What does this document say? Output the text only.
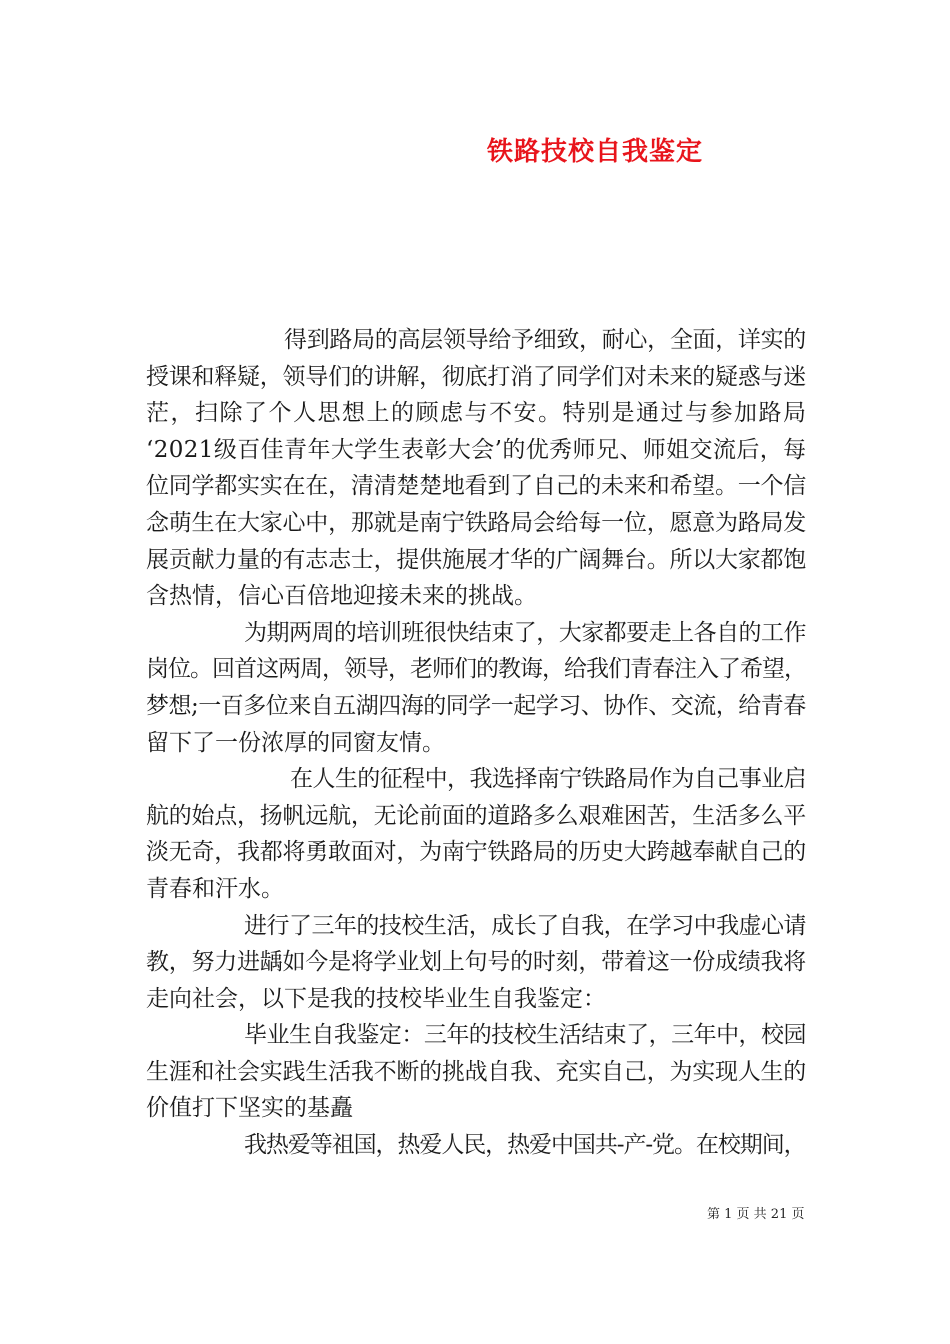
铁路技校自我鉴定

得到路局的高层领导给予细致，耐心，全面，详实的
授课和释疑，领导们的讲解，彻底打消了同学们对未来的疑惑与迷
茫，扫除了个人思想上的顾虑与不安。特别是通过与参加路局
‘2021级百佳青年大学生表彰大会’的优秀师兄、师姐交流后，每
位同学都实实在在，清清楚楚地看到了自己的未来和希望。一个信
念萌生在大家心中，那就是南宁铁路局会给每一位，愿意为路局发
展贡献力量的有志志士，提供施展才华的广阔舞台。所以大家都饱
含热情，信心百倍地迎接未来的挑战。

为期两周的培训班很快结束了，大家都要走上各自的工作
岗位。回首这两周，领导，老师们的教诲，给我们青春注入了希望，
梦想;一百多位来自五湖四海的同学一起学习、协作、交流，给青春
留下了一份浓厚的同窗友情。

在人生的征程中，我选择南宁铁路局作为自己事业启
航的始点，扬帆远航，无论前面的道路多么艰难困苦，生活多么平
淡无奇，我都将勇敢面对，为南宁铁路局的历史大跨越奉献自己的
青春和汗水。

进行了三年的技校生活，成长了自我，在学习中我虚心请
教，努力进龋如今是将学业划上句号的时刻，带着这一份成绩我将
走向社会，以下是我的技校毕业生自我鉴定：

毕业生自我鉴定：三年的技校生活结束了，三年中，校园
生涯和社会实践生活我不断的挑战自我、充实自己，为实现人生的
价值打下坚实的基矗

我热爱等祖国，热爱人民，热爱中国共-产-党。在校期间，

第 1 页 共 21 页
